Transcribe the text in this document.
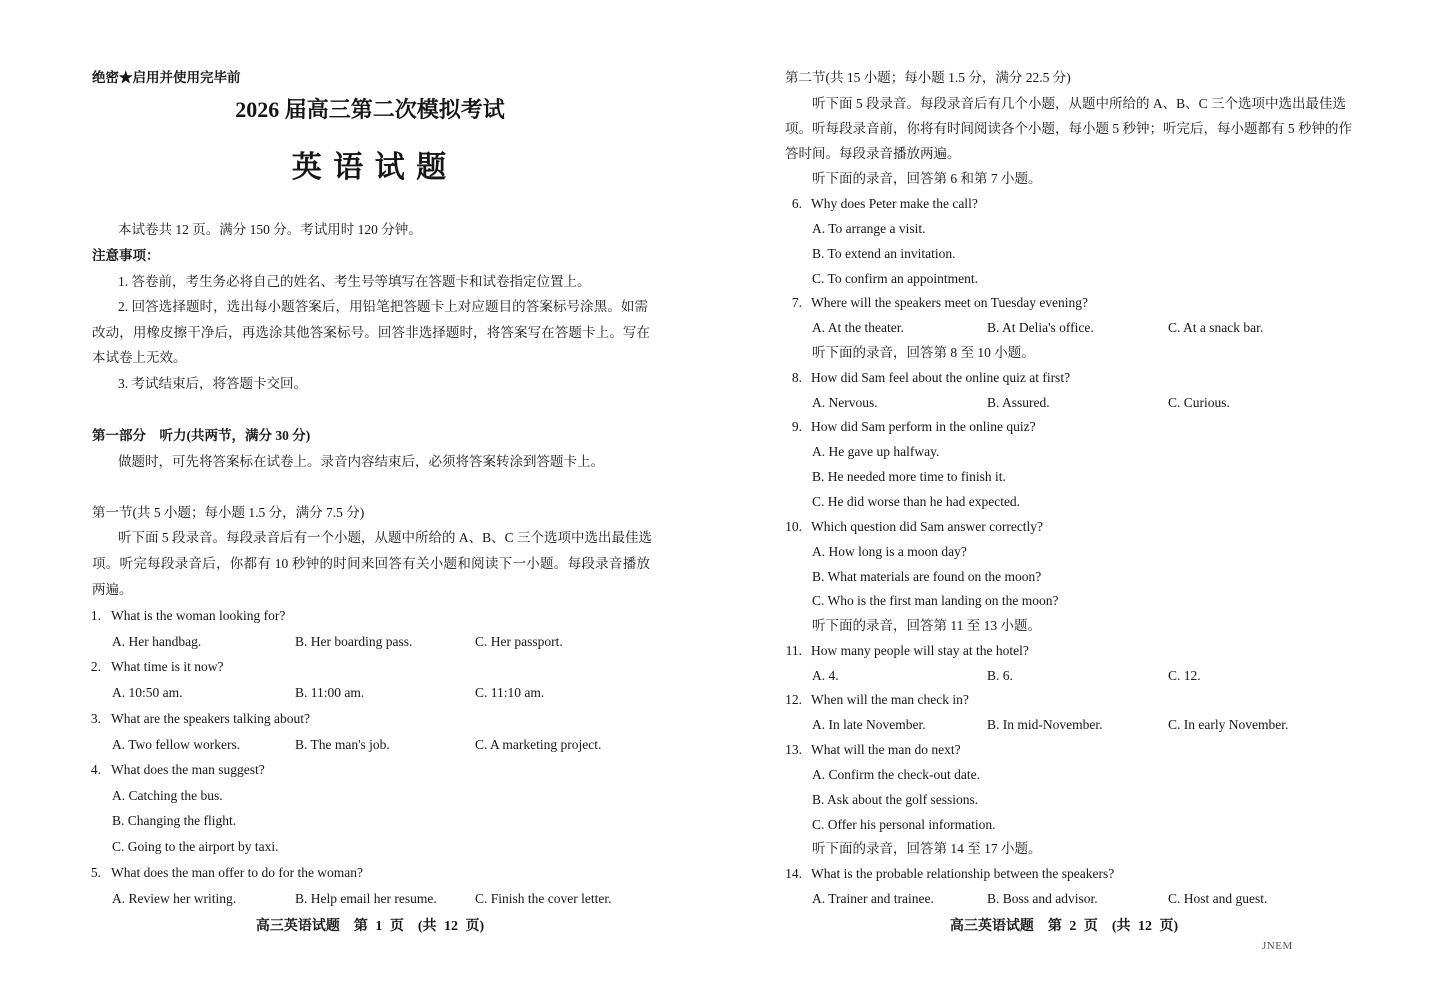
绝密★启用并使用完毕前
2026 届高三第二次模拟考试
英 语 试 题
本试卷共 12 页。满分 150 分。考试用时 120 分钟。
注意事项：
1. 答卷前，考生务必将自己的姓名、考生号等填写在答题卡和试卷指定位置上。
2. 回答选择题时，选出每小题答案后，用铅笔把答题卡上对应题目的答案标号涂黑。如需
改动，用橡皮擦干净后，再选涂其他答案标号。回答非选择题时，将答案写在答题卡上。写在
本试卷上无效。
3. 考试结束后，将答题卡交回。
第一部分　听力(共两节，满分 30 分)
做题时，可先将答案标在试卷上。录音内容结束后，必须将答案转涂到答题卡上。
第一节(共 5 小题；每小题 1.5 分，满分 7.5 分)
听下面 5 段录音。每段录音后有一个小题，从题中所给的 A、B、C 三个选项中选出最佳选
项。听完每段录音后，你都有 10 秒钟的时间来回答有关小题和阅读下一小题。每段录音播放
两遍。
1. What is the woman looking for?
A. Her handbag.	B. Her boarding pass.	C. Her passport.
2. What time is it now?
A. 10:50 am.	B. 11:00 am.	C. 11:10 am.
3. What are the speakers talking about?
A. Two fellow workers.	B. The man's job.	C. A marketing project.
4. What does the man suggest?
A. Catching the bus.
B. Changing the flight.
C. Going to the airport by taxi.
5. What does the man offer to do for the woman?
A. Review her writing.	B. Help email her resume.	C. Finish the cover letter.
高三英语试题　第 1 页　(共 12 页)
第二节(共 15 小题；每小题 1.5 分，满分 22.5 分)
听下面 5 段录音。每段录音后有几个小题，从题中所给的 A、B、C 三个选项中选出最佳选
项。听每段录音前，你将有时间阅读各个小题，每小题 5 秒钟；听完后，每小题都有 5 秒钟的作
答时间。每段录音播放两遍。
听下面的录音，回答第 6 和第 7 小题。
6. Why does Peter make the call?
A. To arrange a visit.
B. To extend an invitation.
C. To confirm an appointment.
7. Where will the speakers meet on Tuesday evening?
A. At the theater.	B. At Delia's office.	C. At a snack bar.
听下面的录音，回答第 8 至 10 小题。
8. How did Sam feel about the online quiz at first?
A. Nervous.	B. Assured.	C. Curious.
9. How did Sam perform in the online quiz?
A. He gave up halfway.
B. He needed more time to finish it.
C. He did worse than he had expected.
10. Which question did Sam answer correctly?
A. How long is a moon day?
B. What materials are found on the moon?
C. Who is the first man landing on the moon?
听下面的录音，回答第 11 至 13 小题。
11. How many people will stay at the hotel?
A. 4.	B. 6.	C. 12.
12. When will the man check in?
A. In late November.	B. In mid-November.	C. In early November.
13. What will the man do next?
A. Confirm the check-out date.
B. Ask about the golf sessions.
C. Offer his personal information.
听下面的录音，回答第 14 至 17 小题。
14. What is the probable relationship between the speakers?
A. Trainer and trainee.	B. Boss and advisor.	C. Host and guest.
高三英语试题　第 2 页　(共 12 页)
JNEM
